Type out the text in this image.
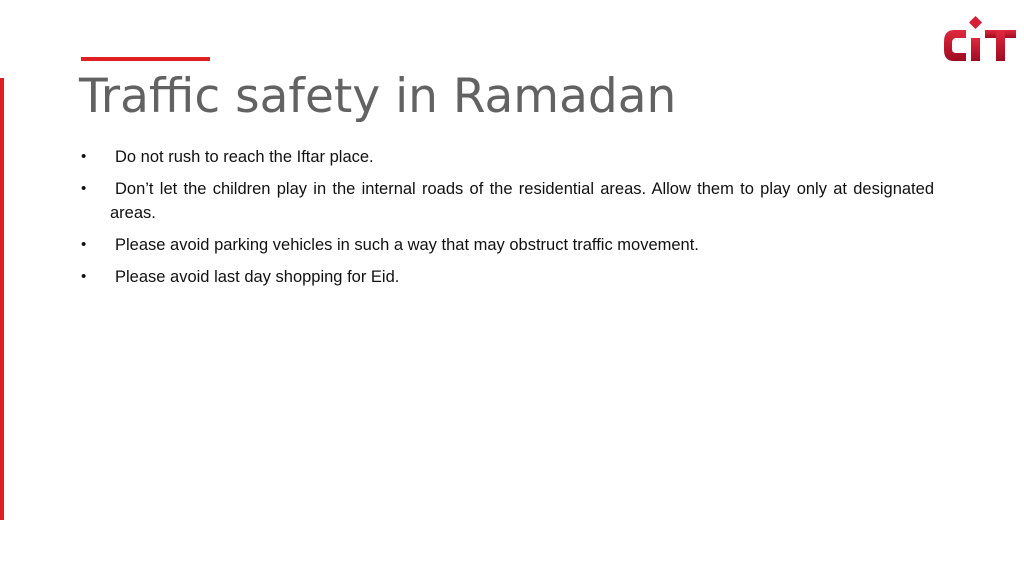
Traffic safety in Ramadan
•	Do not rush to reach the Iftar place.
•	Don’t let the children play in the internal roads of the residential areas. Allow them to play only at designated areas.
•	Please avoid parking vehicles in such a way that may obstruct traffic movement.
•	Please avoid last day shopping for Eid.
